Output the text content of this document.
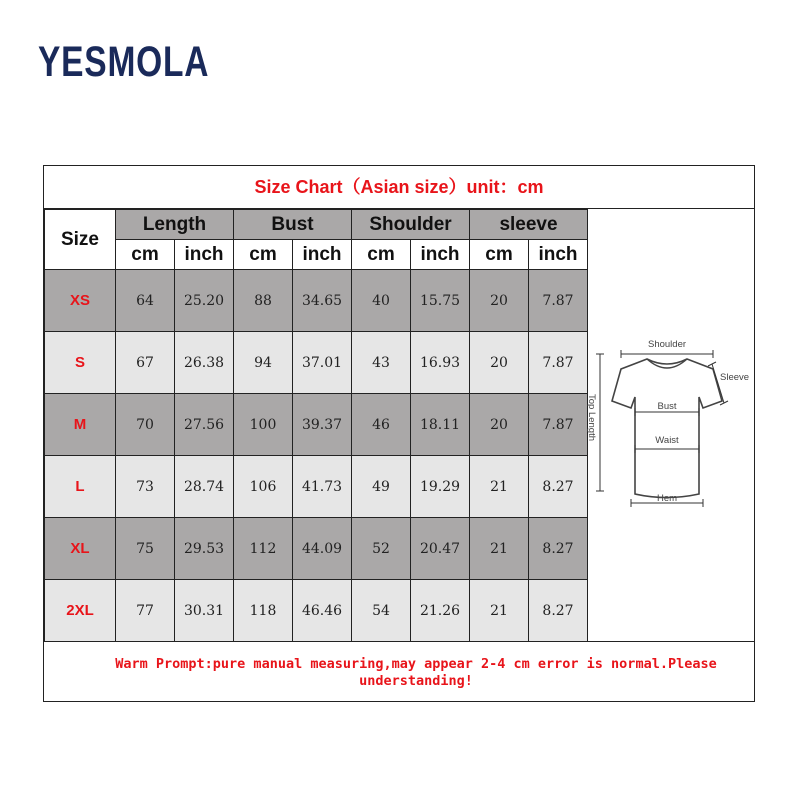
YESMOLA
Size Chart（Asian size）unit：cm
Size	Length		Bust		Shoulder		sleeve	
	cm	inch	cm	inch	cm	inch	cm	inch
XS	64	25.20	88	34.65	40	15.75	20	7.87
S	67	26.38	94	37.01	43	16.93	20	7.87
M	70	27.56	100	39.37	46	18.11	20	7.87
L	73	28.74	106	41.73	49	19.29	21	8.27
XL	75	29.53	112	44.09	52	20.47	21	8.27
2XL	77	30.31	118	46.46	54	21.26	21	8.27
Shoulder
Sleeve
Bust
Waist
Hem
Top Length
Warm Prompt:pure manual measuring,may appear 2-4 cm error is normal.Please
understanding!
